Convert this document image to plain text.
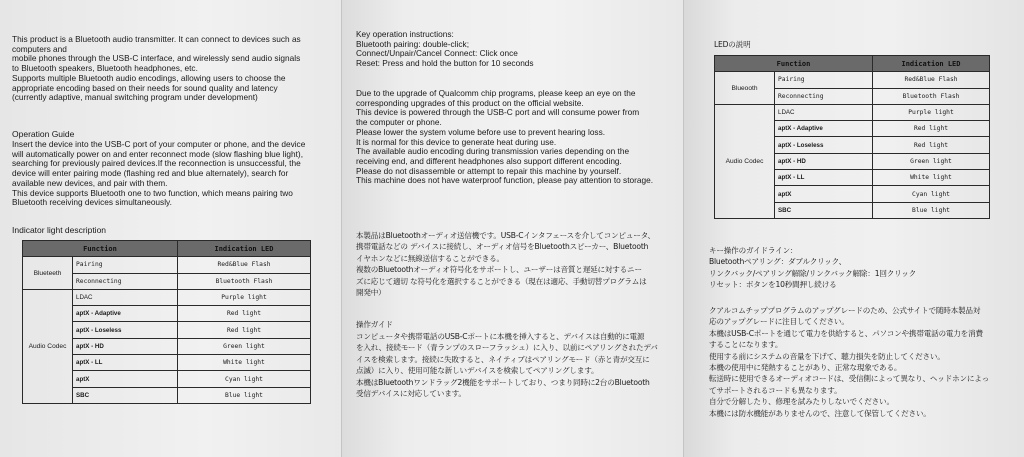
This product is a Bluetooth audio transmitter. It can connect to devices such as
computers and
mobile phones through the USB-C interface, and wirelessly send audio signals
to Bluetooth speakers, Bluetooth headphones, etc.
Supports multiple Bluetooth audio encodings, allowing users to choose the
appropriate encoding based on their needs for sound quality and latency
(currently adaptive, manual switching program under development)

Operation Guide

Insert the device into the USB-C port of your computer or phone, and the device
will automatically power on and enter reconnect mode (slow flashing blue light),
searching for previously paired devices.If the reconnection is unsuccessful, the
device will enter pairing mode (flashing red and blue alternately), search for
available new devices, and pair with them.
This device supports Bluetooth one to two function, which means pairing two
Bluetooth receiving devices simultaneously.

Indicator light description

Function		Indication LED
Blueteeth	Pairing	Red&Blue Flash
	Reconnecting	Bluetooth Flash
Audio Codec	LDAC	Purple light
	aptX - Adaptive	Red light
	aptX - Loseless	Red light
	aptX - HD	Green light
	aptX - LL	White light
	aptX	Cyan light
	SBC	Blue light

Key operation instructions:
Bluetooth pairing: double-click;
Connect/Unpair/Cancel Connect: Click once
Reset: Press and hold the button for 10 seconds

Due to the upgrade of Qualcomm chip programs, please keep an eye on the
corresponding upgrades of this product on the official website.
This device is powered through the USB-C port and will consume power from
the computer or phone.
Please lower the system volume before use to prevent hearing loss.
It is normal for this device to generate heat during use.
The available audio encoding during transmission varies depending on the
receiving end, and different headphones also support different encoding.
Please do not disassemble or attempt to repair this machine by yourself.
This machine does not have waterproof function, please pay attention to storage.

本製品はBluetoothオーディオ送信機です。USB-Cインタフェースを介してコンピュータ、
携帯電話などの デバイスに接続し、オーディオ信号をBluetoothスピーカー、Bluetooth
イヤホンなどに無線送信することができる。
複数のBluetoothオーディオ符号化をサポートし、ユーザーは音質と遅延に対するニー
ズに応じて適切 な符号化を選択することができる（現在は適応、手動切替プログラムは
開発中）

操作ガイド

コンピュータや携帯電話のUSB-Cポートに本機を挿入すると、デバイスは自動的に電源
を入れ、接続モード（青ランプのスローフラッシュ）に入り、以前にペアリングされたデバ
イスを検索します。接続に失敗すると、ネイティブはペアリングモード（赤と青が交互に
点滅）に入り、使用可能な新しいデバイスを検索してペアリングします。
本機はBluetoothワンドラッグ2機能をサポートしており、つまり同時に2台のBluetooth
受信デバイスに対応しています。

LEDの説明

Function		Indication LED
Blueooth	Pairing	Red&Blue Flash
	Reconnecting	Bluetooth Flash
Audio Codec	LDAC	Purple light
	aptX - Adaptive	Red light
	aptX - Loseless	Red light
	aptX - HD	Green light
	aptX - LL	White light
	aptX	Cyan light
	SBC	Blue light

キー操作のガイドライン：
Bluetoothペアリング：ダブルクリック、
リンクバック/ペアリング解除/リンクバック解除：1回クリック
リセット：ボタンを10秒間押し続ける

クアルコムチッププログラムのアップグレードのため、公式サイトで随時本製品対
応のアップグレードに注目してください。
本機はUSB-Cポートを通じて電力を供給すると、パソコンや携帯電話の電力を消費
することになります。
使用する前にシステムの音量を下げて、聴力損失を防止してください。
本機の使用中に発熱することがあり、正常な現象である。
転送時に使用できるオーディオコードは、受信側によって異なり、ヘッドホンによっ
てサポートされるコードも異なります。
自分で分解したり、修理を試みたりしないでください。
本機には防水機能がありませんので、注意して保管してください。
